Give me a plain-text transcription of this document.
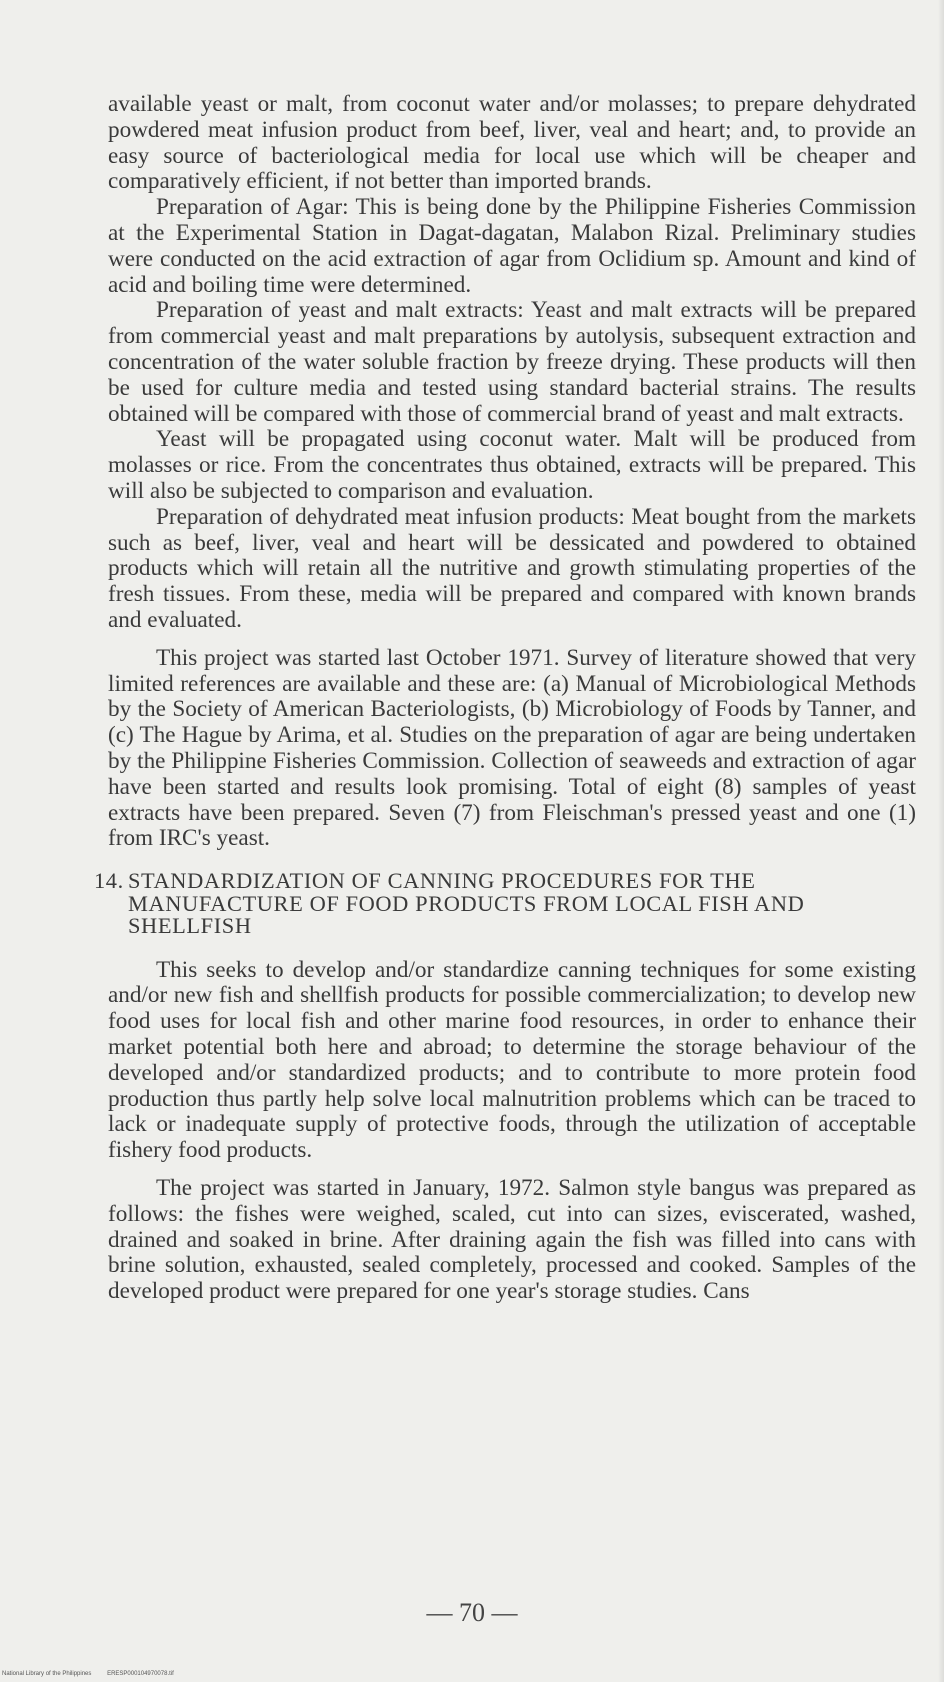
available yeast or malt, from coconut water and/or molasses; to prepare dehydrated powdered meat infusion product from beef, liver, veal and heart; and, to provide an easy source of bacteriological media for local use which will be cheaper and comparatively efficient, if not better than imported brands.

Preparation of Agar: This is being done by the Philippine Fisheries Commission at the Experimental Station in Dagat-dagatan, Malabon Rizal. Preliminary studies were conducted on the acid extraction of agar from Oclidium sp. Amount and kind of acid and boiling time were determined.

Preparation of yeast and malt extracts: Yeast and malt extracts will be prepared from commercial yeast and malt preparations by autolysis, subsequent extraction and concentration of the water soluble fraction by freeze drying. These products will then be used for culture media and tested using standard bacterial strains. The results obtained will be compared with those of commercial brand of yeast and malt extracts.

Yeast will be propagated using coconut water. Malt will be produced from molasses or rice. From the concentrates thus obtained, extracts will be prepared. This will also be subjected to comparison and evaluation.

Preparation of dehydrated meat infusion products: Meat bought from the markets such as beef, liver, veal and heart will be dessicated and powdered to obtained products which will retain all the nutritive and growth stimulating properties of the fresh tissues. From these, media will be prepared and compared with known brands and evaluated.

This project was started last October 1971. Survey of literature showed that very limited references are available and these are: (a) Manual of Microbiological Methods by the Society of American Bacteriologists, (b) Microbiology of Foods by Tanner, and (c) The Hague by Arima, et al. Studies on the preparation of agar are being undertaken by the Philippine Fisheries Commission. Collection of seaweeds and extraction of agar have been started and results look promising. Total of eight (8) samples of yeast extracts have been prepared. Seven (7) from Fleischman's pressed yeast and one (1) from IRC's yeast.

14. STANDARDIZATION OF CANNING PROCEDURES FOR THE MANUFACTURE OF FOOD PRODUCTS FROM LOCAL FISH AND SHELLFISH

This seeks to develop and/or standardize canning techniques for some existing and/or new fish and shellfish products for possible commercialization; to develop new food uses for local fish and other marine food resources, in order to enhance their market potential both here and abroad; to determine the storage behaviour of the developed and/or standardized products; and to contribute to more protein food production thus partly help solve local malnutrition problems which can be traced to lack or inadequate supply of protective foods, through the utilization of acceptable fishery food products.

The project was started in January, 1972. Salmon style bangus was prepared as follows: the fishes were weighed, scaled, cut into can sizes, eviscerated, washed, drained and soaked in brine. After draining again the fish was filled into cans with brine solution, exhausted, sealed completely, processed and cooked. Samples of the developed product were prepared for one year's storage studies. Cans

— 70 —
National Library of the Philippines	ERESP000104970078.tif
